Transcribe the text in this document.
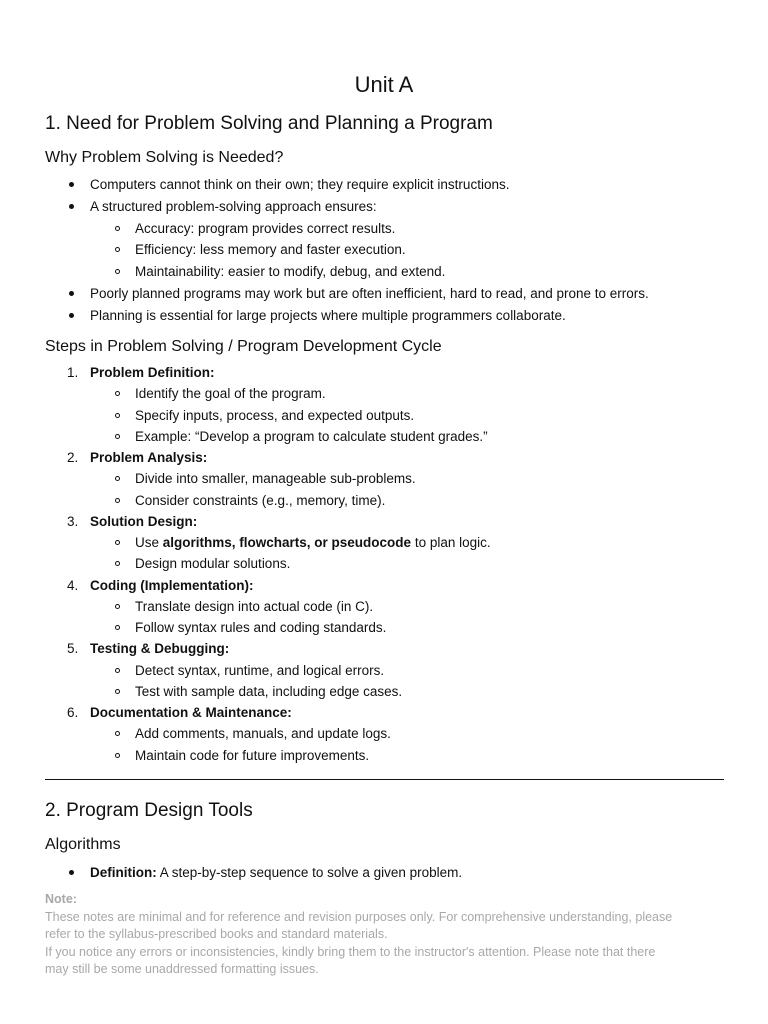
Unit A
1. Need for Problem Solving and Planning a Program
Why Problem Solving is Needed?
Computers cannot think on their own; they require explicit instructions.
A structured problem-solving approach ensures:
Accuracy: program provides correct results.
Efficiency: less memory and faster execution.
Maintainability: easier to modify, debug, and extend.
Poorly planned programs may work but are often inefficient, hard to read, and prone to errors.
Planning is essential for large projects where multiple programmers collaborate.
Steps in Problem Solving / Program Development Cycle
1. Problem Definition:
Identify the goal of the program.
Specify inputs, process, and expected outputs.
Example: “Develop a program to calculate student grades.”
2. Problem Analysis:
Divide into smaller, manageable sub-problems.
Consider constraints (e.g., memory, time).
3. Solution Design:
Use algorithms, flowcharts, or pseudocode to plan logic.
Design modular solutions.
4. Coding (Implementation):
Translate design into actual code (in C).
Follow syntax rules and coding standards.
5. Testing & Debugging:
Detect syntax, runtime, and logical errors.
Test with sample data, including edge cases.
6. Documentation & Maintenance:
Add comments, manuals, and update logs.
Maintain code for future improvements.
2. Program Design Tools
Algorithms
Definition: A step-by-step sequence to solve a given problem.
Note:
These notes are minimal and for reference and revision purposes only. For comprehensive understanding, please
refer to the syllabus-prescribed books and standard materials.
If you notice any errors or inconsistencies, kindly bring them to the instructor's attention. Please note that there
may still be some unaddressed formatting issues.
